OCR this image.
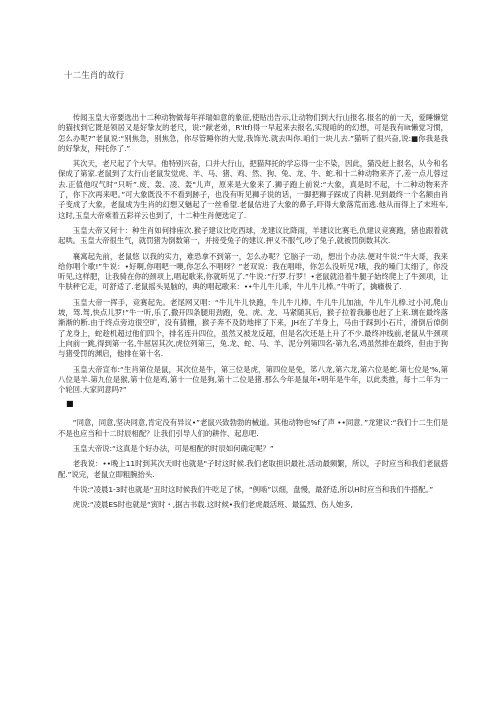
十二生肖的故行

传闻玉皇大帝要选出十二种动物做每年祥瑞如意的象征,使贴出告示,让动物们到大行山报名.报名的前一天，爱睡懒觉的猫找到它既是领居又是好挚友的老尺，说:“献老弟，R'ltf)得一早起来去报名,实现咱的的幻想，可是我有lit懒觉习惯，怎么办呢?”老鼠说:“别焦急，别焦急，你尽管睡你的大觉,我饰光.就去叫你.咱们一块儿去.”猫听了很兴奋,说:■你我是我的好挚友，拜托你了.”

其次天，老尺起了个大早。他特别兴奋，口并大行山，把猫拜托的学忘得一尘不染，因此，猫没赶上报名，从今和名保成了第家.老鼠到了太行山老鼠发觉虎、羊、马、猪、鸡、然、狗、兔、龙、牛、蛇.和十二种动物来齐了,差一点儿蓉过去.正值他叹气时“只听”.废、轰、凌、轰"儿声，原来是大象来了.狮子跑上前说:“大象，真是时不起，十二种动物来齐了，你下次再来吧。”可大象既没不不看到跡子，也没有听见狮子说的话，一脚把狮子踩成了肉耕.见到最终一个名额由肖子变成了大象，老鼠成为生肖的幻想又魅起了一丝希望.老鼠估进了大象的鼻子,吓得大象落荒而逃.他从而得上了末班车,这时,玉皇大帝乘着五彩祥云也到了，十二种生肖便选定了.

玉皇大帝又何十：种生肖如何排座次.猴子建议比吃西球，龙建议比降雨，羊建议比赛毛,仇建议竞赛跑，猪也跟着就起哄。玉皇大帝很生气，就罚猪为倒数第一，并接受兔子的建议.押义不服气,吵了兔子,就被罚倒数其次.

襄寓起先前，老鼠悠 以我的实力，难恐拿不到第一，怎么办呢？它脑子一动，想出个办法.便对牛说:“牛大哥，我来给你唱个歌!”牛说：•好啊,你唱吧一噢,你怎么不唱呀？”老双说：我在唱啡，你怎么没听见?哦，我的嗓门太细了，你没听见,这样肥，让我骑在你的颈项上,唱起歌来,你就听见了.”牛说：”行罗.行罗！•老鼠就沿着牛腿子始终爬上了牛颈项，让牛肤秤它走，可舒适了.老鼠摇头晃脑的，典的唱起歌来：••牛儿牛儿乖，牛儿牛儿棒。”牛听了，擒癥极了.

玉皇大帝一挥手，竞赛起先。老尾网又唱：“牛儿牛儿快跑，牛儿牛儿棒。牛儿牛儿加油，牛儿牛儿棒.过小河,爬山坡，驾.驾,快点儿罗!”牛一听,乐了,撒开四条腿用劲跑，免、虎、龙、马紧随其后，猴子拉着我藤也赶了上来.璃在最终落渐渐的断.由于终点旁边很空旷，没有猜栅，猴子奔不及防地摔了下来，JH在了羊身上，马由于踩到小石片，滑倒后倬倒了龙身上，蛇趁机超过他们四个，排名连升四位，虽然又被龙反超，但是名次还是上升了不少.最终冲线前,老鼠从牛颈项上向前一跳,得到第一名,牛屈居其次,虎位列第三，兔.龙、蛇、马、羊、泥分列第四名-第九名,鸡虽然排在最终，但由于狗与猪受罚的渊启，他排在第十名.

玉皇大帝宣布:“生肖第位是鼠，其次位是牛，第三位是虎，第四位是免，笫八龙,第六龙,第六位是蛇.第七位是'%,第八位是羊.第九位是猴,第十位是鸡,第十一位是狗,第十二位是猪.那么今年是鼠年•明年是牛年，以此类推，每十二年为一个轮回.大家同意吗?”

■

“同意，同意,坚决同意,肯定没有异议•”老鼠兴致勃勃的械道。其他动物也%f了声 ••同意．”龙建议:“我们十二生们是不是也应当和十二时辰相配？让我们引导人们的耕作、起息吧.

玉皇大帝说:“这真是个好办法，可是相配的时辰如何确定呢？”

老我说：••晚上11时到其次天l时也就是"子时这时候.我们老取担识最社.活动最频繁，所以，子时应当和我们老鼠搭配.”说完，老鼠立即粗腕抬头.

牛说:“凌晨1-3时也就是“丑时这时候我们牛吃足了怵，“例啮”以细，盘慢，最舒适,所以H时应当和我们牛搭配。”

虎说:“凌晨ES时也就是“寅时・,据古书载.这时候•我们老虎最活班、最猛烈、伤人她多,
